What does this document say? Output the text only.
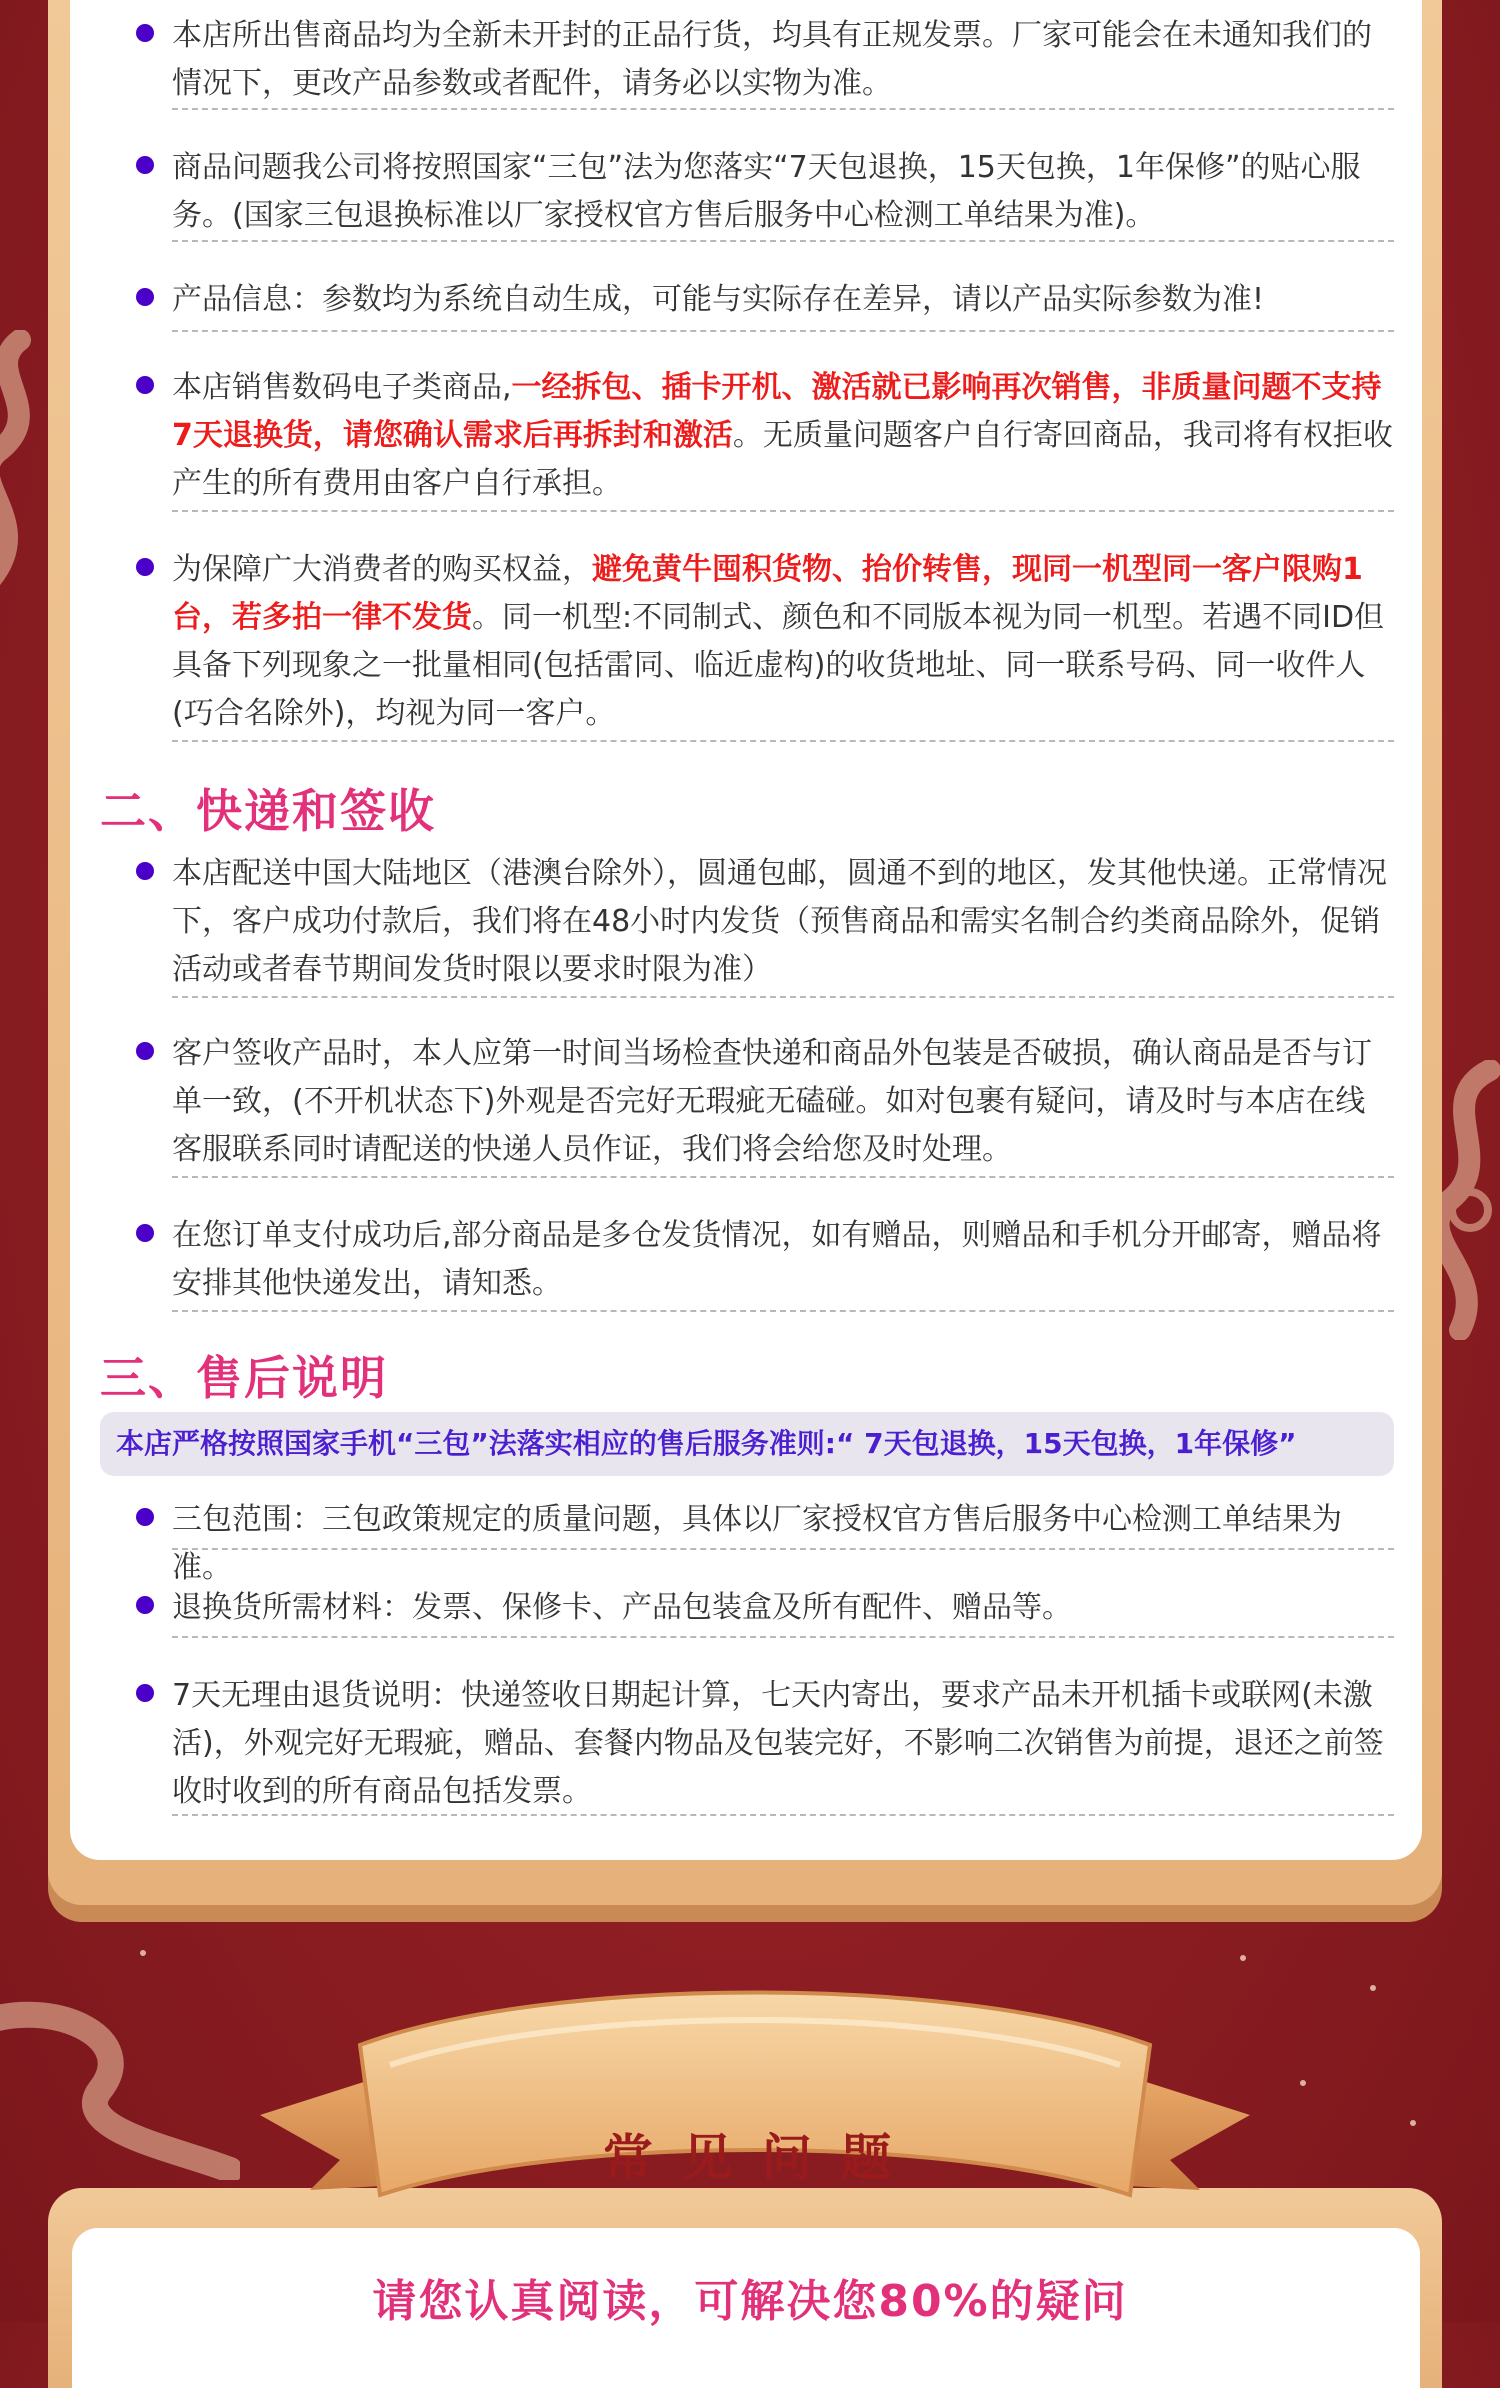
本店所出售商品均为全新未开封的正品行货，均具有正规发票。厂家可能会在未通知我们的情况下，更改产品参数或者配件，请务必以实物为准。
商品问题我公司将按照国家“三包”法为您落实“7天包退换，15天包换，1年保修”的贴心服务。(国家三包退换标准以厂家授权官方售后服务中心检测工单结果为准)。
产品信息：参数均为系统自动生成，可能与实际存在差异，请以产品实际参数为准!
本店销售数码电子类商品,一经拆包、插卡开机、激活就已影响再次销售，非质量问题不支持7天退换货，请您确认需求后再拆封和激活。无质量问题客户自行寄回商品，我司将有权拒收产生的所有费用由客户自行承担。
为保障广大消费者的购买权益，避免黄牛囤积货物、抬价转售，现同一机型同一客户限购1台，若多拍一律不发货。同一机型:不同制式、颜色和不同版本视为同一机型。若遇不同ID但具备下列现象之一批量相同(包括雷同、临近虚构)的收货地址、同一联系号码、同一收件人(巧合名除外)，均视为同一客户。
二、快递和签收
本店配送中国大陆地区（港澳台除外），圆通包邮，圆通不到的地区，发其他快递。正常情况下，客户成功付款后，我们将在48小时内发货（预售商品和需实名制合约类商品除外，促销活动或者春节期间发货时限以要求时限为准）
客户签收产品时，本人应第一时间当场检查快递和商品外包装是否破损，确认商品是否与订单一致，(不开机状态下)外观是否完好无瑕疵无磕碰。如对包裹有疑问，请及时与本店在线客服联系同时请配送的快递人员作证，我们将会给您及时处理。
在您订单支付成功后,部分商品是多仓发货情况，如有赠品，则赠品和手机分开邮寄，赠品将安排其他快递发出，请知悉。
三、售后说明
本店严格按照国家手机“三包”法落实相应的售后服务准则:“ 7天包退换，15天包换，1年保修”
三包范围：三包政策规定的质量问题，具体以厂家授权官方售后服务中心检测工单结果为准。
退换货所需材料：发票、保修卡、产品包装盒及所有配件、赠品等。
7天无理由退货说明：快递签收日期起计算，七天内寄出，要求产品未开机插卡或联网(未激活)，外观完好无瑕疵，赠品、套餐内物品及包装完好，不影响二次销售为前提，退还之前签收时收到的所有商品包括发票。
常 见 问 题
请您认真阅读，可解决您80%的疑问
